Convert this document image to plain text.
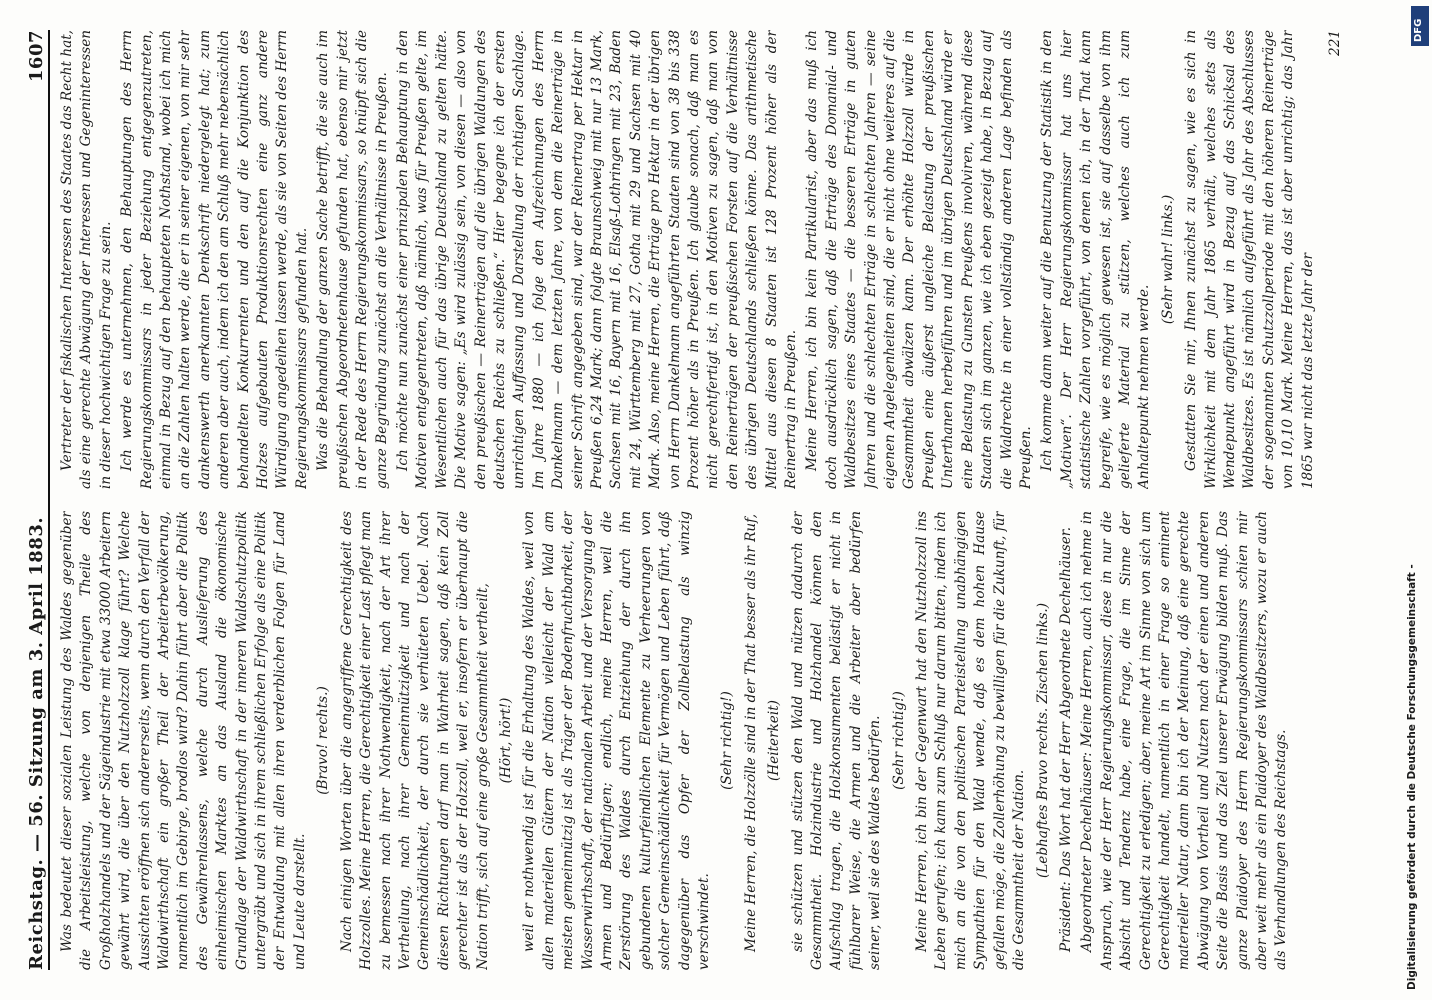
Reichstag. — 56. Sitzung am 3. April 1883.
1607

Was bedeutet dieser sozialen Leistung des Waldes gegenüber die Arbeitsleistung, welche von denjenigen Theile des Großholzhandels und der Sägeindustrie mit etwa 33000 Arbeitern gewährt wird, die über den Nutzholzzoll klage führt? Welche Aussichten eröffnen sich andererseits, wenn durch den Verfall der Waldwirthschaft ein großer Theil der Arbeiterbevölkerung, namentlich im Gebirge, brodlos wird? Dahin führt aber die Politik des Gewährenlassens, welche durch Auslieferung des einheimischen Marktes an das Ausland die ökonomische Grundlage der Waldwirthschaft in der inneren Waldschutzpolitik untergräbt und sich in ihrem schließlichen Erfolge als eine Politik der Entwaldung mit allen ihren verderblichen Folgen für Land und Leute darstellt.

(Bravo! rechts.) Nach einigen Worten über die angegriffene Gerechtigkeit des Holzzolles. Meine Herren, die Gerechtigkeit einer Last pflegt man zu bemessen nach ihrer Nothwendigkeit, nach der Art ihrer Vertheilung, nach ihrer Gemeinnützigkeit und nach der Gemeinschädlichkeit, der durch sie verhüteten Uebel. Nach diesen Richtungen darf man in Wahrheit sagen, daß kein Zoll gerechter ist als der Holzzoll, weil er, insofern er überhaupt die Nation trifft, sich auf eine große Gesammtheit vertheilt, (Hört, hört!) weil er nothwendig ist für die Erhaltung des Waldes, weil von allen materiellen Gütern der Nation vielleicht der Wald am meisten gemeinnützig ist als Träger der Bodenfruchtbarkeit, der Wasserwirthschaft, der nationalen Arbeit und der Versorgung der Armen und Bedürftigen; endlich, meine Herren, weil die Zerstörung des Waldes durch Entziehung der durch ihn gebundenen kulturfeindlichen Elemente zu Verheerungen von solcher Gemeinschädlichkeit für Vermögen und Leben führt, daß dagegenüber das Opfer der Zollbelastung als winzig verschwindet.

(Sehr richtig!) Meine Herren, die Holzzölle sind in der That besser als ihr Ruf, (Heiterkeit) sie schützen und stützen den Wald und nützen dadurch der Gesammtheit. Holzindustrie und Holzhandel können den Aufschlag tragen, die Holzkonsumenten belästigt er nicht in fühlbarer Weise, die Armen und die Arbeiter aber bedürfen seiner, weil sie des Waldes bedürfen. (Sehr richtig!) Meine Herren, ich bin der Gegenwart hat den Nutzholzzoll ins Leben gerufen; ich kann zum Schluß nur darum bitten, indem ich mich an die von den politischen Parteistellung unabhängigen Sympathien für den Wald wende, daß es dem hohen Hause gefallen möge, die Zollerhöhung zu bewilligen für die Zukunft, für die Gesammtheit der Nation. (Lebhaftes Bravo rechts. Zischen links.) Präsident: Das Wort hat der Herr Abgeordnete Dechelhäuser. Abgeordneter Dechelhäuser: Meine Herren, auch ich nehme in Anspruch, wie der Herr Regierungskommissar, diese in nur die Absicht und Tendenz habe, eine Frage, die im Sinne der Gerechtigkeit zu erledigen; aber, meine Art im Sinne von sich um Gerechtigkeit handelt, namentlich in einer Frage so eminent materieller Natur, dann bin ich der Meinung, daß eine gerechte Abwägung von Vortheil und Nutzen nach der einen und anderen Seite die Basis und das Ziel unserer Erwägung bilden muß. Das ganze Plaidoyer des Herrn Regierungskommissars schien mir aber weit mehr als ein Plaidoyer des Waldbesitzers, wozu er auch als Verhandlungen des Reichstags.

Vertreter der fiskalischen Interessen des Staates das Recht hat, als eine gerechte Abwägung der Interessen und Gegeninteressen in dieser hochwichtigen Frage zu sein. Ich werde es unternehmen, den Behauptungen des Herrn Regierungskommissars in jeder Beziehung entgegenzutreten, einmal in Bezug auf den behaupteten Nothstand, wobei ich mich an die Zahlen halten werde, die er in seiner eigenen, von mir sehr dankenswerth anerkannten Denkschrift niedergelegt hat; zum anderen aber auch, indem ich den am Schluß mehr nebensächlich behandelten Konkurrenten und den auf die Konjunktion des Holzes aufgebauten Produktionsrechten eine ganz andere Würdigung angedeihen lassen werde, als sie von Seiten des Herrn Regierungskommissars gefunden hat. Was die Behandlung der ganzen Sache betrifft, die sie auch im preußischen Abgeordnetenhause gefunden hat, ebenso mir jetzt in der Rede des Herrn Regierungskommissars, so knüpft sich die ganze Begründung zunächst an die Verhältnisse in Preußen. Ich möchte nun zunächst einer prinzipalen Behauptung in den Motiven entgegentreten, daß nämlich, was für Preußen gelte, im Wesentlichen auch für das übrige Deutschland zu gelten hätte. Die Motive sagen: „Es wird zulässig sein, von diesen — also von den preußischen — Reinerträgen auf die übrigen Waldungen des deutschen Reichs zu schließen.“ Hier begegne ich der ersten unrichtigen Auffassung und Darstellung der richtigen Sachlage. Im Jahre 1880 — ich folge den Aufzeichnungen des Herrn Dankelmann — dem letzten Jahre, von dem die Reinerträge in seiner Schrift angegeben sind, war der Reinertrag per Hektar in Preußen 6,24 Mark; dann folgte Braunschweig mit nur 13 Mark, Sachsen mit 16, Bayern mit 16, Elsaß-Lothringen mit 23, Baden mit 24, Württemberg mit 27, Gotha mit 29 und Sachsen mit 40 Mark. Also, meine Herren, die Erträge pro Hektar in der übrigen von Herrn Dankelmann angeführten Staaten sind von 38 bis 338 Prozent höher als in Preußen. Ich glaube sonach, daß man es nicht gerechtfertigt ist, in den Motiven zu sagen, daß man von den Reinerträgen der preußischen Forsten auf die Verhältnisse des übrigen Deutschlands schließen könne. Das arithmetische Mittel aus diesen 8 Staaten ist 128 Prozent höher als der Reinertrag in Preußen. Meine Herren, ich bin kein Partikularist, aber das muß ich doch ausdrücklich sagen, daß die Erträge des Domanial- und Waldbesitzes eines Staates — die besseren Erträge in guten Jahren und die schlechten Erträge in schlechten Jahren — seine eigenen Angelegenheiten sind, die er nicht ohne weiteres auf die Gesammtheit abwälzen kann. Der erhöhte Holzzoll würde in Preußen eine äußerst ungleiche Belastung der preußischen Unterthanen herbeiführen und im übrigen Deutschland würde er eine Belastung zu Gunsten Preußens involviren, während diese Staaten sich im ganzen, wie ich eben gezeigt habe, in Bezug auf die Waldrechte in einer vollständig anderen Lage befinden als Preußen. Ich komme dann weiter auf die Benutzung der Statistik in den „Motiven“. Der Herr Regierungskommissar hat uns hier statistische Zahlen vorgeführt, von denen ich, in der That kann begreife, wie es möglich gewesen ist, sie auf dasselbe von ihm gelieferte Material zu stützen, welches auch ich zum Anhaltepunkt nehmen werde.

(Sehr wahr! links.) Gestatten Sie mir, Ihnen zunächst zu sagen, wie es sich in Wirklichkeit mit dem Jahr 1865 verhält, welches stets als Wendepunkt angeführt wird in Bezug auf das Schicksal des Waldbesitzes. Es ist nämlich aufgeführt als Jahr des Abschlusses der sogenannten Schutzzollperiode mit den höheren Reinerträge von 10,10 Mark. Meine Herren, das ist aber unrichtig; das Jahr 1865 war nicht das letzte Jahr der

221

Digitalisierung gefördert durch die Deutsche Forschungsgemeinschaft -
DFG
